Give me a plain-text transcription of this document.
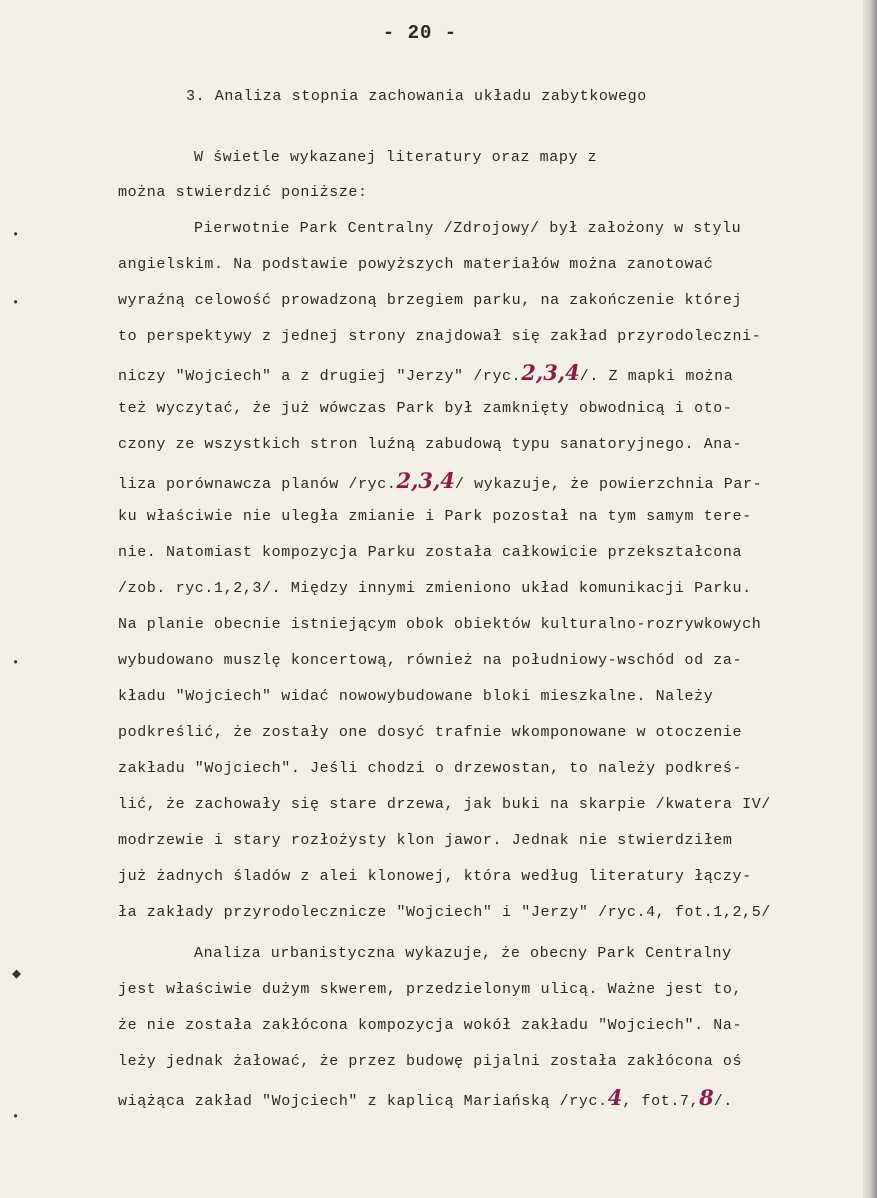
•
•
•
◆
•
- 20 -
3. Analiza stopnia zachowania układu zabytkowego
W świetle wykazanej literatury oraz mapy z
można stwierdzić poniższe:
Pierwotnie Park Centralny /Zdrojowy/ był założony w stylu
angielskim. Na podstawie powyższych materiałów można zanotować
wyraźną celowość prowadzoną brzegiem parku, na zakończenie której
to perspektywy z jednej strony znajdował się zakład przyrodoleczni-
niczy "Wojciech" a z drugiej "Jerzy" /ryc.2,3,4/. Z mapki można
też wyczytać, że już wówczas Park był zamknięty obwodnicą i oto-
czony ze wszystkich stron luźną zabudową typu sanatoryjnego. Ana-
liza porównawcza planów /ryc.2,3,4/ wykazuje, że powierzchnia Par-
ku właściwie nie uległa zmianie i Park pozostał na tym samym tere-
nie. Natomiast kompozycja Parku została całkowicie przekształcona
/zob. ryc.1,2,3/. Między innymi zmieniono układ komunikacji Parku.
Na planie obecnie istniejącym obok obiektów kulturalno-rozrywkowych
wybudowano muszlę koncertową, również na południowy-wschód od za-
kładu "Wojciech" widać nowowybudowane bloki mieszkalne. Należy
podkreślić, że zostały one dosyć trafnie wkomponowane w otoczenie
zakładu "Wojciech". Jeśli chodzi o drzewostan, to należy podkreś-
lić, że zachowały się stare drzewa, jak buki na skarpie /kwatera IV/
modrzewie i stary rozłożysty klon jawor. Jednak nie stwierdziłem
już żadnych śladów z alei klonowej, która według literatury łączy-
ła zakłady przyrodolecznicze "Wojciech" i "Jerzy" /ryc.4, fot.1,2,5/
Analiza urbanistyczna wykazuje, że obecny Park Centralny
jest właściwie dużym skwerem, przedzielonym ulicą. Ważne jest to,
że nie została zakłócona kompozycja wokół zakładu "Wojciech". Na-
leży jednak żałować, że przez budowę pijalni została zakłócona oś
wiążąca zakład "Wojciech" z kaplicą Mariańską /ryc.4, fot.7,8/.
